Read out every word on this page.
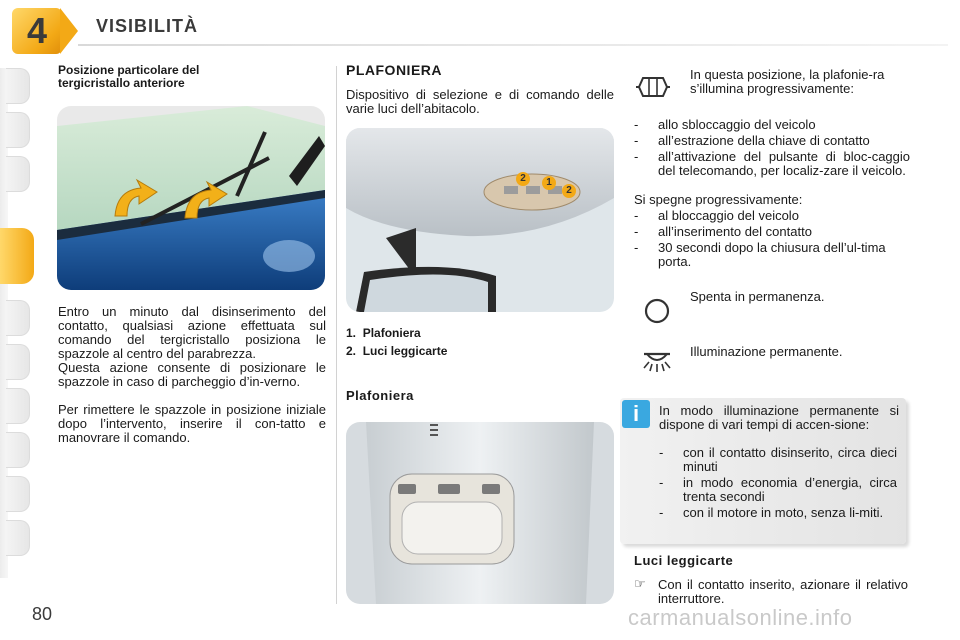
4	VISIBILITÀ
Posizione particolare del tergicristallo anteriore
Entro un minuto dal disinserimento del contatto, qualsiasi azione effettuata sul comando del tergicristallo posiziona le spazzole al centro del parabrezza.
Questa azione consente di posizionare le spazzole in caso di parcheggio d’in-verno.
Per rimettere le spazzole in posizione iniziale dopo l’intervento, inserire il con-tatto e manovrare il comando.
PLAFONIERA
Dispositivo di selezione e di comando delle varie luci dell’abitacolo.
2	1
2
1. Plafoniera
2. Luci leggicarte
Plafoniera
In questa posizione, la plafonie-ra s’illumina progressivamente:
- allo sbloccaggio del veicolo
- all’estrazione della chiave di contatto
- all’attivazione del pulsante di bloc-caggio del telecomando, per localiz-zare il veicolo.
Si spegne progressivamente:
- al bloccaggio del veicolo
- all’inserimento del contatto
- 30 secondi dopo la chiusura dell’ul-tima porta.
Spenta in permanenza.
Illuminazione permanente.
i	In modo illuminazione permanente si dispone di vari tempi di accen-sione:
- con il contatto disinserito, circa dieci minuti
- in modo economia d’energia, circa trenta secondi
- con il motore in moto, senza li-miti.
Luci leggicarte
☞ Con il contatto inserito, azionare il relativo interruttore.
80	carmanualsonline.info
